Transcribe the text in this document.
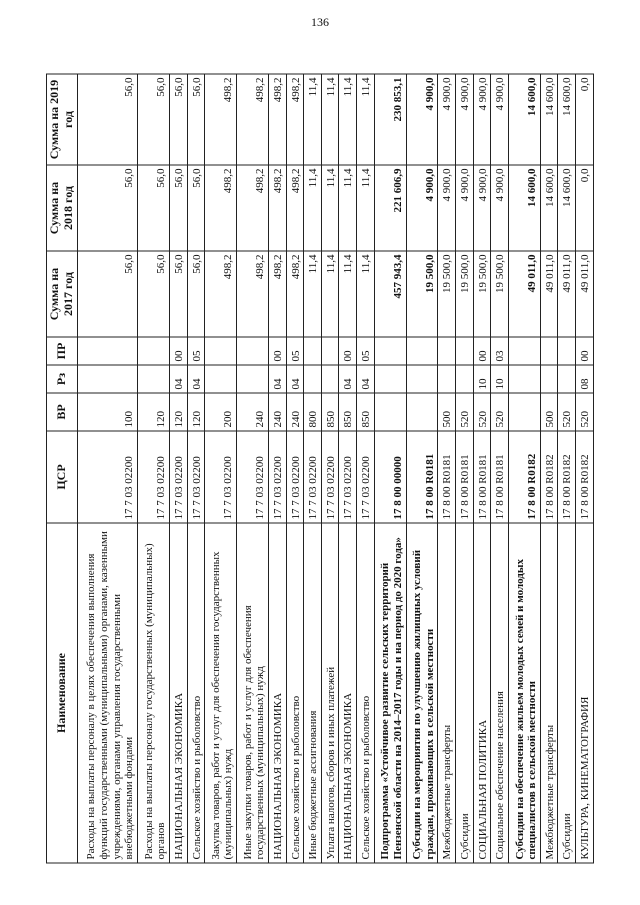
136
Наименование	ЦСР	ВР	Рз	ПР	Сумма на 2017 год	Сумма на 2018 год	Сумма на 2019 год
Расходы на выплаты персоналу в целях обеспечения выполнения функций государственными (муниципальными) органами, казенными учреждениями, органами управления государственными внебюджетными фондами	17 7 03 02200	100			56,0	56,0	56,0
Расходы на выплаты персоналу государственных (муниципальных) органов	17 7 03 02200	120			56,0	56,0	56,0
НАЦИОНАЛЬНАЯ ЭКОНОМИКА	17 7 03 02200	120	04	00	56,0	56,0	56,0
Сельское хозяйство и рыболовство	17 7 03 02200	120	04	05	56,0	56,0	56,0
Закупка товаров, работ и услуг для обеспечения государственных (муниципальных) нужд	17 7 03 02200	200			498,2	498,2	498,2
Иные закупки товаров, работ и услуг для обеспечения государственных (муниципальных) нужд	17 7 03 02200	240			498,2	498,2	498,2
НАЦИОНАЛЬНАЯ ЭКОНОМИКА	17 7 03 02200	240	04	00	498,2	498,2	498,2
Сельское хозяйство и рыболовство	17 7 03 02200	240	04	05	498,2	498,2	498,2
Иные бюджетные ассигнования	17 7 03 02200	800			11,4	11,4	11,4
Уплата налогов, сборов и иных платежей	17 7 03 02200	850			11,4	11,4	11,4
НАЦИОНАЛЬНАЯ ЭКОНОМИКА	17 7 03 02200	850	04	00	11,4	11,4	11,4
Сельское хозяйство и рыболовство	17 7 03 02200	850	04	05	11,4	11,4	11,4
Подпрограмма «Устойчивое развитие сельских территорий Пензенской области на 2014–2017 годы и на период до 2020 года»	17 8 00 00000				457 943,4	221 606,9	230 853,1
Субсидии на мероприятия по улучшению жилищных условий граждан, проживающих в сельской местности	17 8 00 R0181				19 500,0	4 900,0	4 900,0
Межбюджетные трансферты	17 8 00 R0181	500			19 500,0	4 900,0	4 900,0
Субсидии	17 8 00 R0181	520			19 500,0	4 900,0	4 900,0
СОЦИАЛЬНАЯ ПОЛИТИКА	17 8 00 R0181	520	10	00	19 500,0	4 900,0	4 900,0
Социальное обеспечение населения	17 8 00 R0181	520	10	03	19 500,0	4 900,0	4 900,0
Субсидии на обеспечение жильем молодых семей и молодых специалистов в сельской местности	17 8 00 R0182				49 011,0	14 600,0	14 600,0
Межбюджетные трансферты	17 8 00 R0182	500			49 011,0	14 600,0	14 600,0
Субсидии	17 8 00 R0182	520			49 011,0	14 600,0	14 600,0
КУЛЬТУРА, КИНЕМАТОГРАФИЯ	17 8 00 R0182	520	08	00	49 011,0	0,0	0,0
